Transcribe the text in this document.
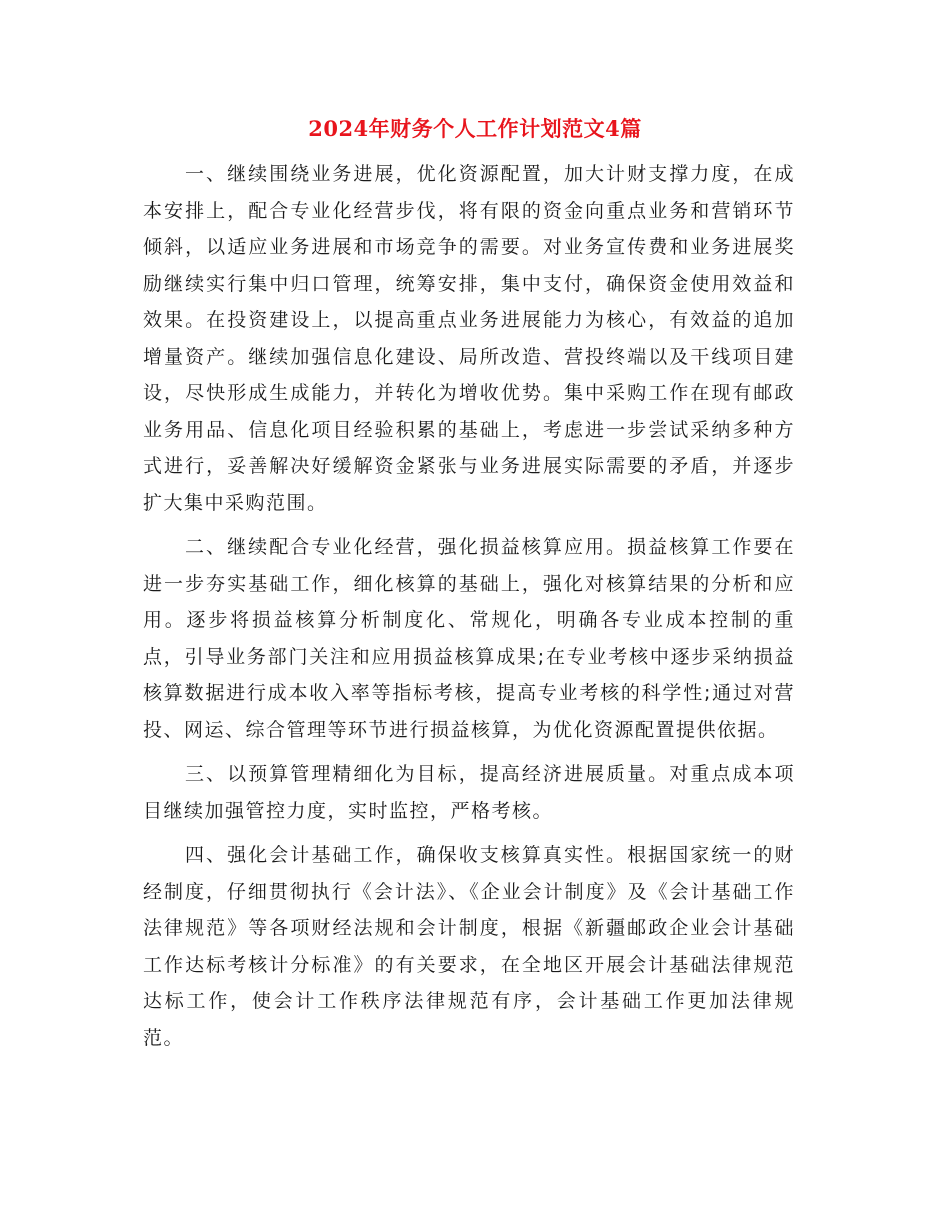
2024年财务个人工作计划范文4篇

一、继续围绕业务进展，优化资源配置，加大计财支撑力度，在成本安排上，配合专业化经营步伐，将有限的资金向重点业务和营销环节倾斜，以适应业务进展和市场竞争的需要。对业务宣传费和业务进展奖励继续实行集中归口管理，统筹安排，集中支付，确保资金使用效益和效果。在投资建设上，以提高重点业务进展能力为核心，有效益的追加增量资产。继续加强信息化建设、局所改造、营投终端以及干线项目建设，尽快形成生成能力，并转化为增收优势。集中采购工作在现有邮政业务用品、信息化项目经验积累的基础上，考虑进一步尝试采纳多种方式进行，妥善解决好缓解资金紧张与业务进展实际需要的矛盾，并逐步扩大集中采购范围。

二、继续配合专业化经营，强化损益核算应用。损益核算工作要在进一步夯实基础工作，细化核算的基础上，强化对核算结果的分析和应用。逐步将损益核算分析制度化、常规化，明确各专业成本控制的重点，引导业务部门关注和应用损益核算成果;在专业考核中逐步采纳损益核算数据进行成本收入率等指标考核，提高专业考核的科学性;通过对营投、网运、综合管理等环节进行损益核算，为优化资源配置提供依据。

三、以预算管理精细化为目标，提高经济进展质量。对重点成本项目继续加强管控力度，实时监控，严格考核。

四、强化会计基础工作，确保收支核算真实性。根据国家统一的财经制度，仔细贯彻执行《会计法》、《企业会计制度》及《会计基础工作法律规范》等各项财经法规和会计制度，根据《新疆邮政企业会计基础工作达标考核计分标准》的有关要求，在全地区开展会计基础法律规范达标工作，使会计工作秩序法律规范有序，会计基础工作更加法律规范。
